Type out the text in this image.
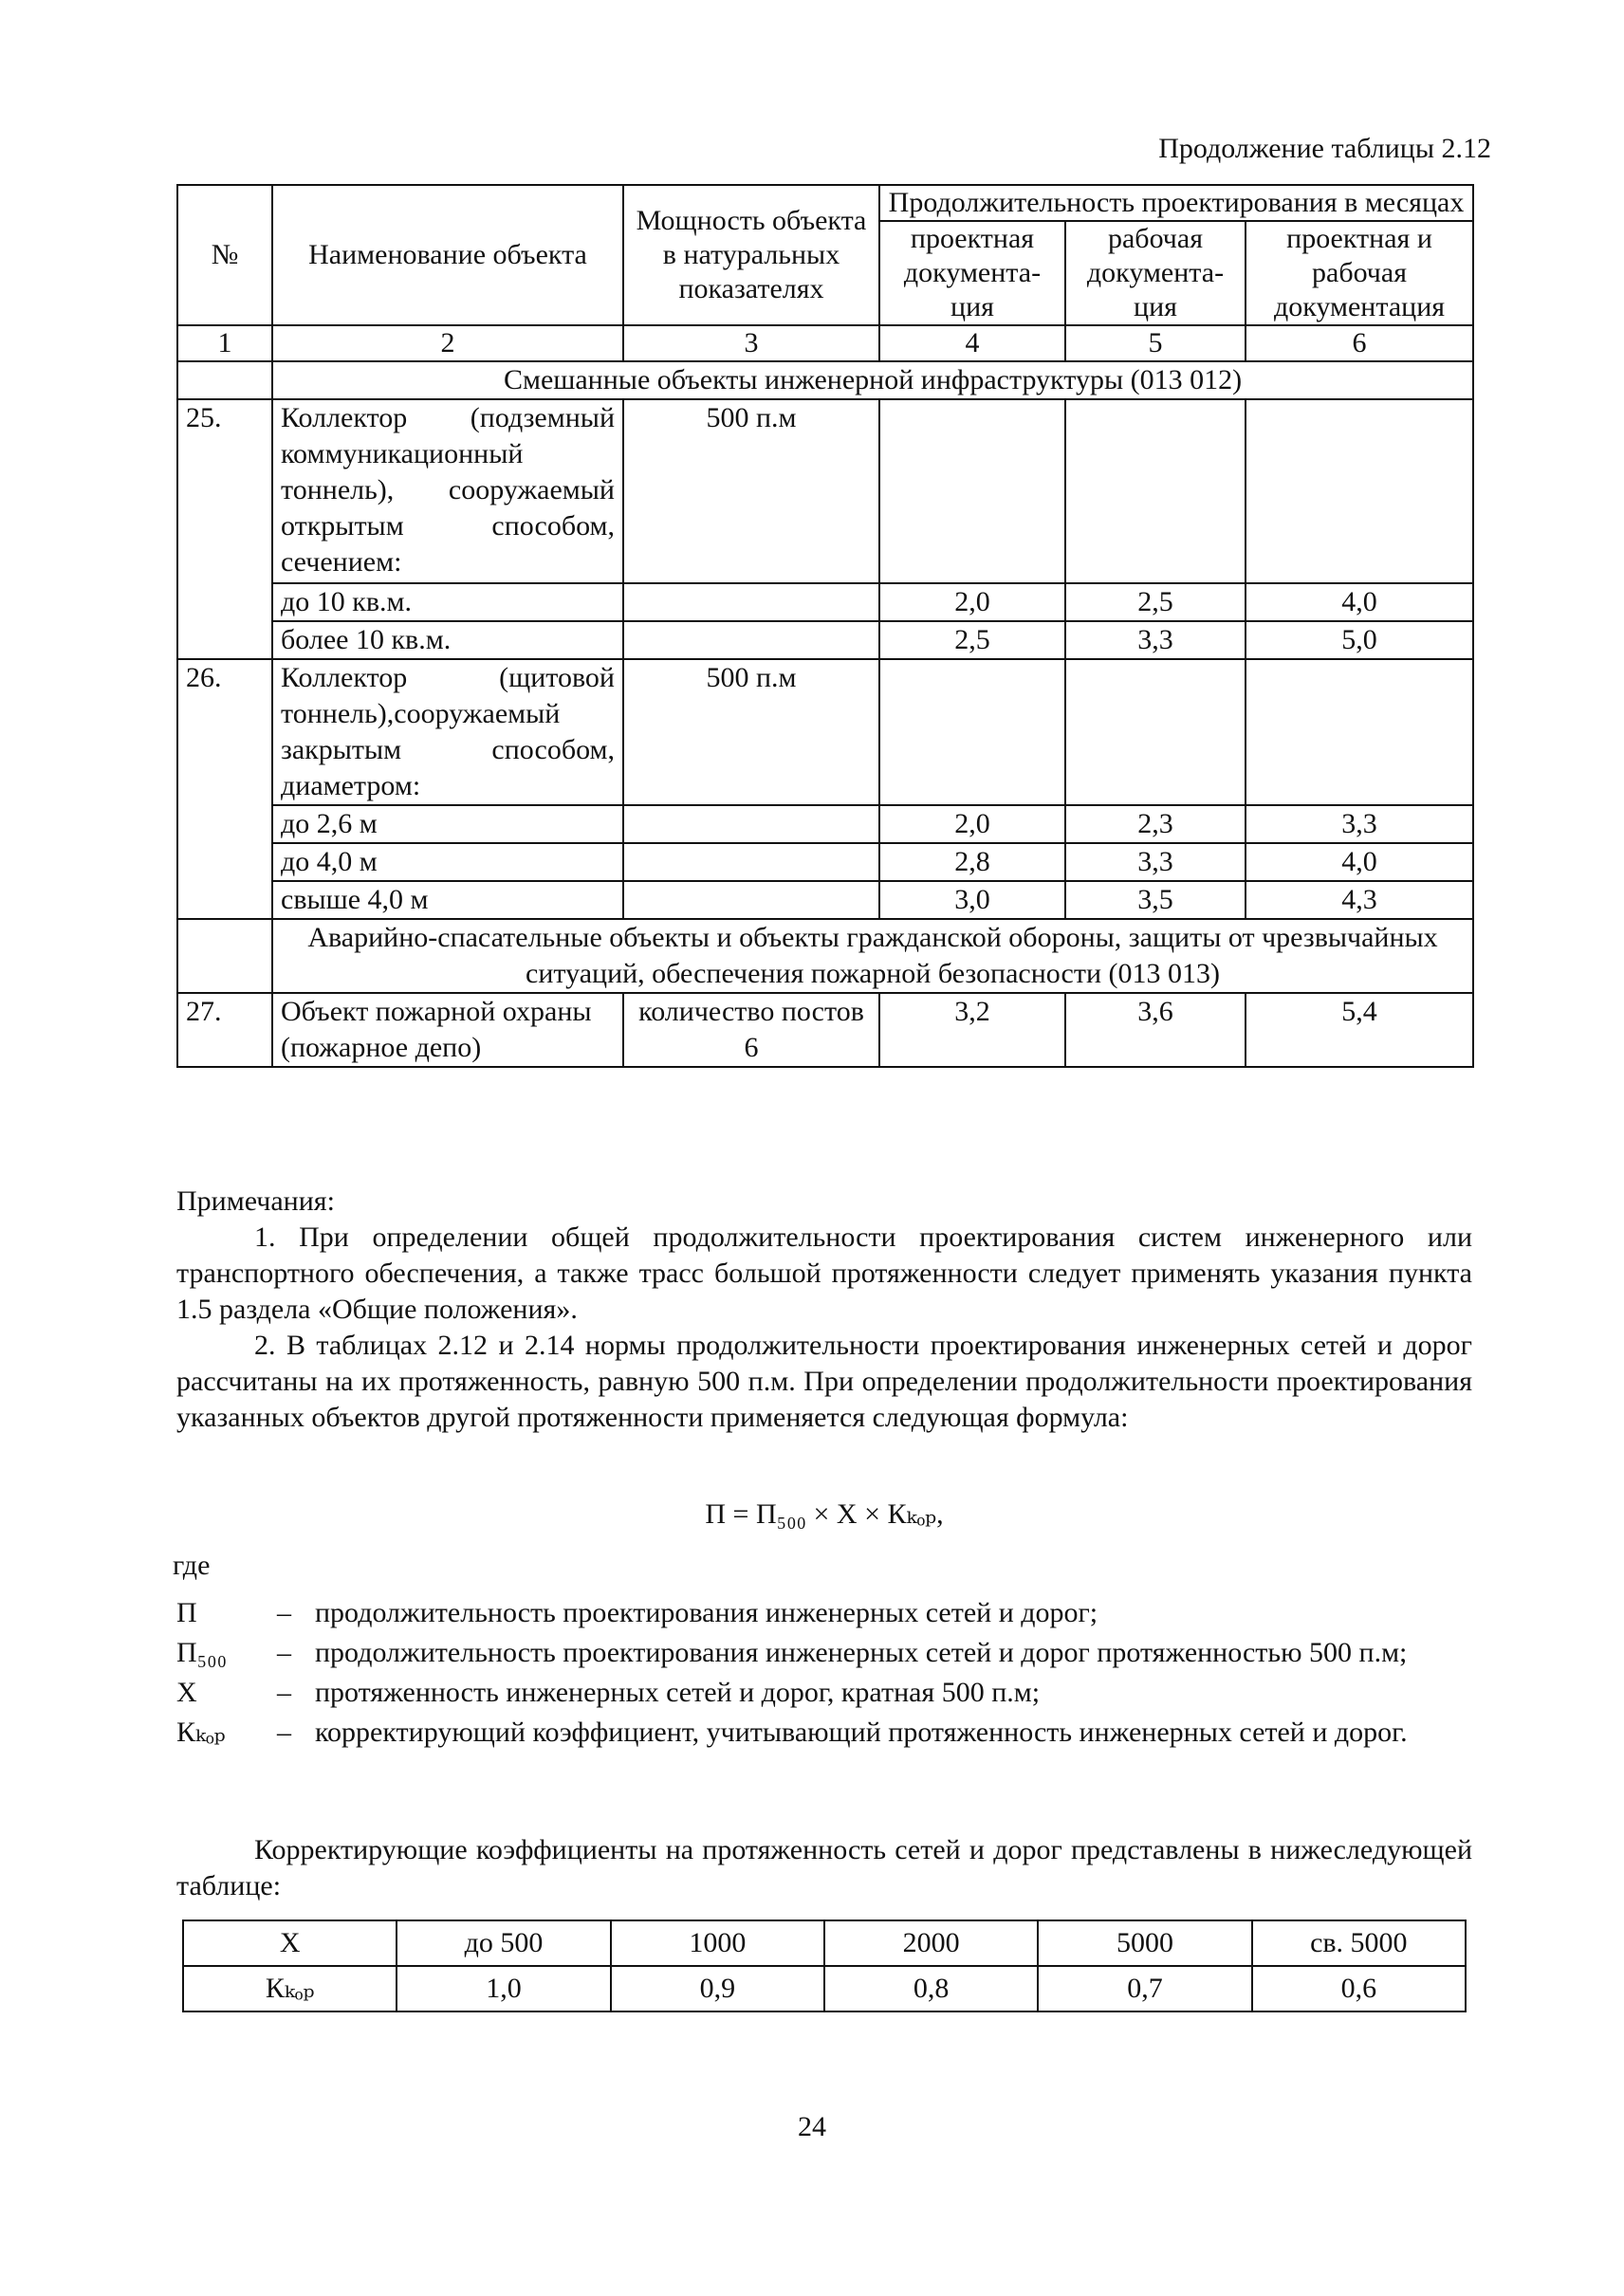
Продолжение таблицы 2.12
№	Наименование объекта	Мощность объекта в натуральных показателях	Продолжительность проектирования в месяцах		
			проектная документа-ция	рабочая документа-ция	проектная и рабочая документация
1	2	3	4	5	6
	Смешанные объекты инженерной инфраструктуры (013 012)				
25.	Коллектор (подземный коммуникационный тоннель), сооружаемый открытым способом, сечением:	500 п.м			
	до 10 кв.м.		2,0	2,5	4,0
	более 10 кв.м.		2,5	3,3	5,0
26.	Коллектор (щитовой тоннель),сооружаемый закрытым способом, диаметром:	500 п.м			
	до 2,6 м		2,0	2,3	3,3
	до 4,0 м		2,8	3,3	4,0
	свыше 4,0 м		3,0	3,5	4,3
	Аварийно-спасательные объекты и объекты гражданской обороны, защиты от чрезвычайных ситуаций, обеспечения пожарной безопасности (013 013)				
27.	Объект пожарной охраны (пожарное депо)	количество постов 6	3,2	3,6	5,4

Примечания:

1. При определении общей продолжительности проектирования систем инженерного или транспортного обеспечения, а также трасс большой протяженности следует применять указания пункта 1.5 раздела «Общие положения».

2. В таблицах 2.12 и 2.14 нормы продолжительности проектирования инженерных сетей и дорог рассчитаны на их протяженность, равную 500 п.м. При определении продолжительности проектирования указанных объектов другой протяженности применяется следующая формула:

П = П₅₀₀ × Х × Кₖₒₚ,

где

П	– продолжительность проектирования инженерных сетей и дорог;
П₅₀₀	– продолжительность проектирования инженерных сетей и дорог протяженностью 500 п.м;
Х	– протяженность инженерных сетей и дорог, кратная 500 п.м;
Кₖₒₚ	– корректирующий коэффициент, учитывающий протяженность инженерных сетей и дорог.

Корректирующие коэффициенты на протяженность сетей и дорог представлены в нижеследующей таблице:

Х	до 500	1000	2000	5000	св. 5000
Кₖₒₚ	1,0	0,9	0,8	0,7	0,6
24
